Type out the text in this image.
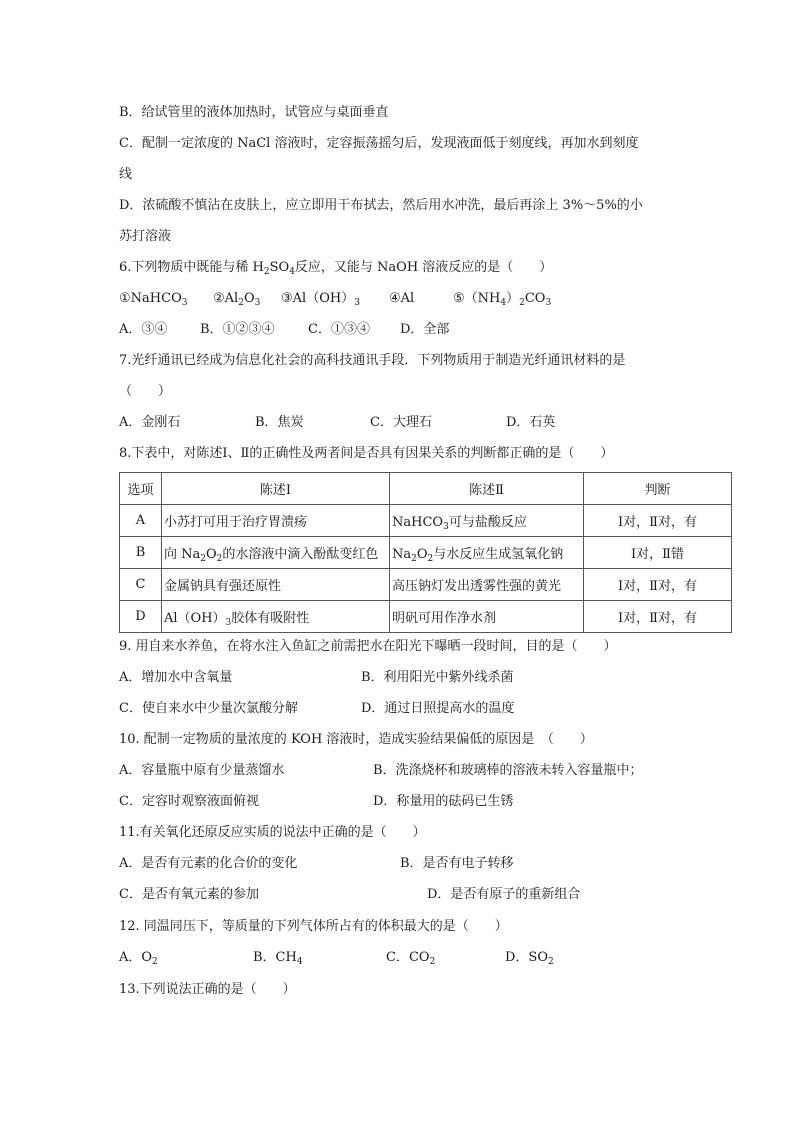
B．给试管里的液体加热时，试管应与桌面垂直
C．配制一定浓度的 NaCl 溶液时，定容振荡摇匀后，发现液面低于刻度线，再加水到刻度
线
D．浓硫酸不慎沾在皮肤上，应立即用干布拭去，然后用水冲洗，最后再涂上 3%～5%的小
苏打溶液
6.下列物质中既能与稀 $H_2SO_4$反应，又能与 NaOH 溶液反应的是（　　）
①NaHCO$_3$ $②Al_2O_3$ $③Al(OH)_3$ ④Al	$⑤(NH_4)_2CO_3$
A．③④	B．①②③④	C．①③④ D．全部
7.光纤通讯已经成为信息化社会的高科技通讯手段．下列物质用于制造光纤通讯材料的是
（　　）
A．金刚石	B．焦炭	C．大理石	D．石英
8.下表中，对陈述Ⅰ、Ⅱ的正确性及两者间是否具有因果关系的判断都正确的是（　　）
选项	陈述Ⅰ	陈述Ⅱ	判断
A	小苏打可用于治疗胃溃疡	NaHCO$_3$可与盐酸反应	Ⅰ对，Ⅱ对，有
B	向 $Na_2O_2$的水溶液中滴入酚酞变红色	$Na_2O_2$与水反应生成氢氧化钠	Ⅰ对，Ⅱ错
C	金属钠具有强还原性	高压钠灯发出透雾性强的黄光	Ⅰ对，Ⅱ对，有
D	$Al(OH)_3$胶体有吸附性	明矾可用作净水剂	Ⅰ对，Ⅱ对，有
9. 用自来水养鱼，在将水注入鱼缸之前需把水在阳光下曝晒一段时间，目的是（　　）
A．增加水中含氧量	B．利用阳光中紫外线杀菌
C．使自来水中少量次氯酸分解	D．通过日照提高水的温度
10. 配制一定物质的量浓度的 KOH 溶液时，造成实验结果偏低的原因是　（　　）
A．容量瓶中原有少量蒸馏水	B．洗涤烧杯和玻璃棒的溶液未转入容量瓶中；
C．定容时观察液面俯视	D．称量用的砝码已生锈
11.有关氧化还原反应实质的说法中正确的是（　　）
A．是否有元素的化合价的变化	B．是否有电子转移
C．是否有氧元素的参加	D．是否有原子的重新组合
12. 同温同压下，等质量的下列气体所占有的体积最大的是（　　）
A．$O_2$	B．$CH_4$	C．$CO_2$	D．$SO_2$
13.下列说法正确的是（　　）
